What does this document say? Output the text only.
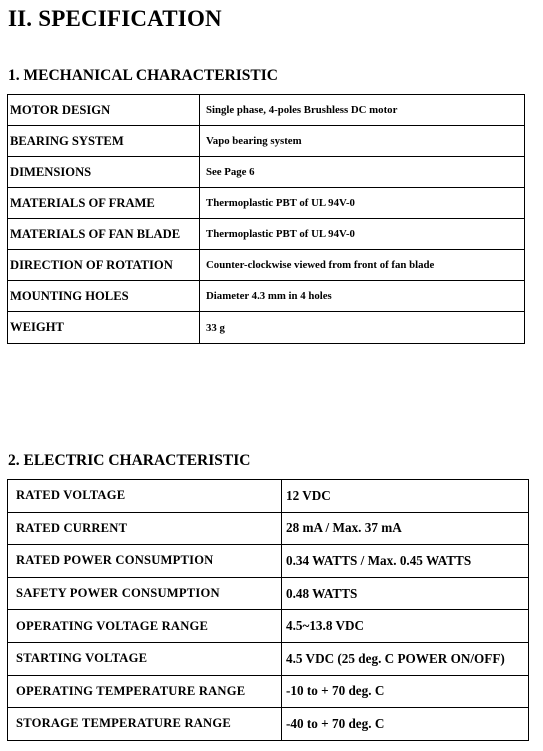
II. SPECIFICATION
1. MECHANICAL CHARACTERISTIC
MOTOR DESIGN	Single phase, 4-poles Brushless DC motor
BEARING SYSTEM	Vapo bearing system
DIMENSIONS	See Page 6
MATERIALS OF FRAME	Thermoplastic PBT of UL 94V-0
MATERIALS OF FAN BLADE	Thermoplastic PBT of UL 94V-0
DIRECTION OF ROTATION	Counter-clockwise viewed from front of fan blade
MOUNTING HOLES	Diameter 4.3 mm in 4 holes
WEIGHT	33 g
2. ELECTRIC CHARACTERISTIC
RATED VOLTAGE	12 VDC
RATED CURRENT	28 mA / Max. 37 mA
RATED POWER CONSUMPTION	0.34 WATTS / Max. 0.45 WATTS
SAFETY POWER CONSUMPTION	0.48 WATTS
OPERATING VOLTAGE RANGE	4.5~13.8 VDC
STARTING VOLTAGE	4.5 VDC (25 deg. C POWER ON/OFF)
OPERATING TEMPERATURE RANGE	-10 to + 70 deg. C
STORAGE TEMPERATURE RANGE	-40 to + 70 deg. C
